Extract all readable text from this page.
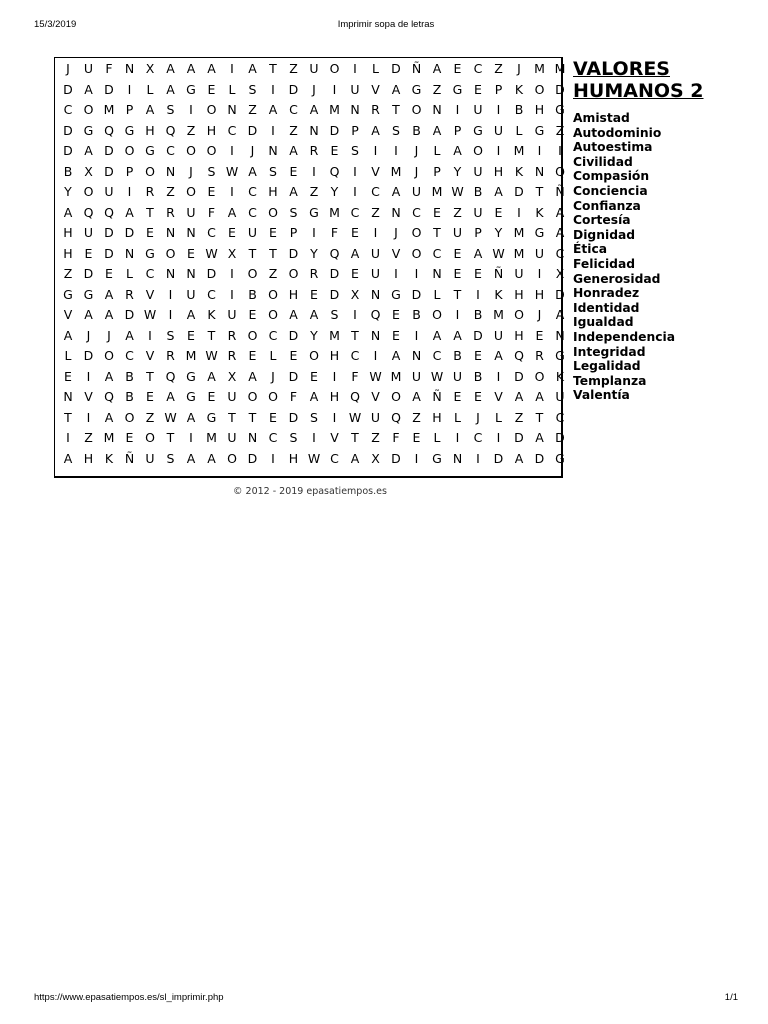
15/3/2019	Imprimir sopa de letras
J	U F N X A A A	I	A T Z U O	I	L D Ñ A E C Z	J	M M
D A D	I	L	A G E	L	S	I	D	J	I	U V A G Z G E	P	K O D
C O M P A S	I	O N Z A C A M N R T O N	I	U	I	B H G
D G Q G H Q Z H C D	I	Z N D P A S B A P G U L G Z
D A D O G C O O	I	J	N A R E	S	I	I	J	L	A O	I	M	I	I
B X D P O N	J	S W A S	E	I	Q	I	V M	J	P	Y U H K N Q
Y O U	I	R Z O E	I	C H A Z Y	I	C A U M W B A D T Ñ
A Q Q A T R U F	A C O S G M C Z N C E Z U E	I	K A
H U D D E N N C E U E	P	I	F	E	I	J	O T U P	Y M G A
H E D N G O E W X T	T D Y Q A U V O C E A W M U C
Z D E	L	C N N D	I	O Z O R D E U	I	I	N E	E Ñ U	I	X
G G A R V	I	U C	I	B O H E D X N G D L	T	I	K H H D
V A A D W I	A K U E O A A S	I	Q E B O	I	B M O	J	A
A	J	J	A	I	S	E	T R O C D Y M T N E	I	A A D U H E N
L D O C V R M W R E	L	E O H C	I	A N C B E A Q R G
E	I	A B T Q G A X A	J	D E	I	F W M U W U B	I	D O K
N V Q B E A G E U O O F	A H Q V O A Ñ E	E V A A U
T	I	A O Z W A G T	T	E D S	I W U Q Z H L	J	L	Z T C
I	Z M E O T	I	M U N C S	I	V T Z	F	E	L	I	C	I	D A D
A H K Ñ U S A A O D	I	H W C A X D	I	G N	I	D A D G
VALORES
HUMANOS 2
Amistad
Autodominio
Autoestima
Civilidad
Compasión
Conciencia
Confianza
Cortesía
Dignidad
Ética
Felicidad
Generosidad
Honradez
Identidad
Igualdad
Independencia
Integridad
Legalidad
Templanza
Valentía
© 2012 - 2019 epasatiempos.es
https://www.epasatiempos.es/sl_imprimir.php	1/1
